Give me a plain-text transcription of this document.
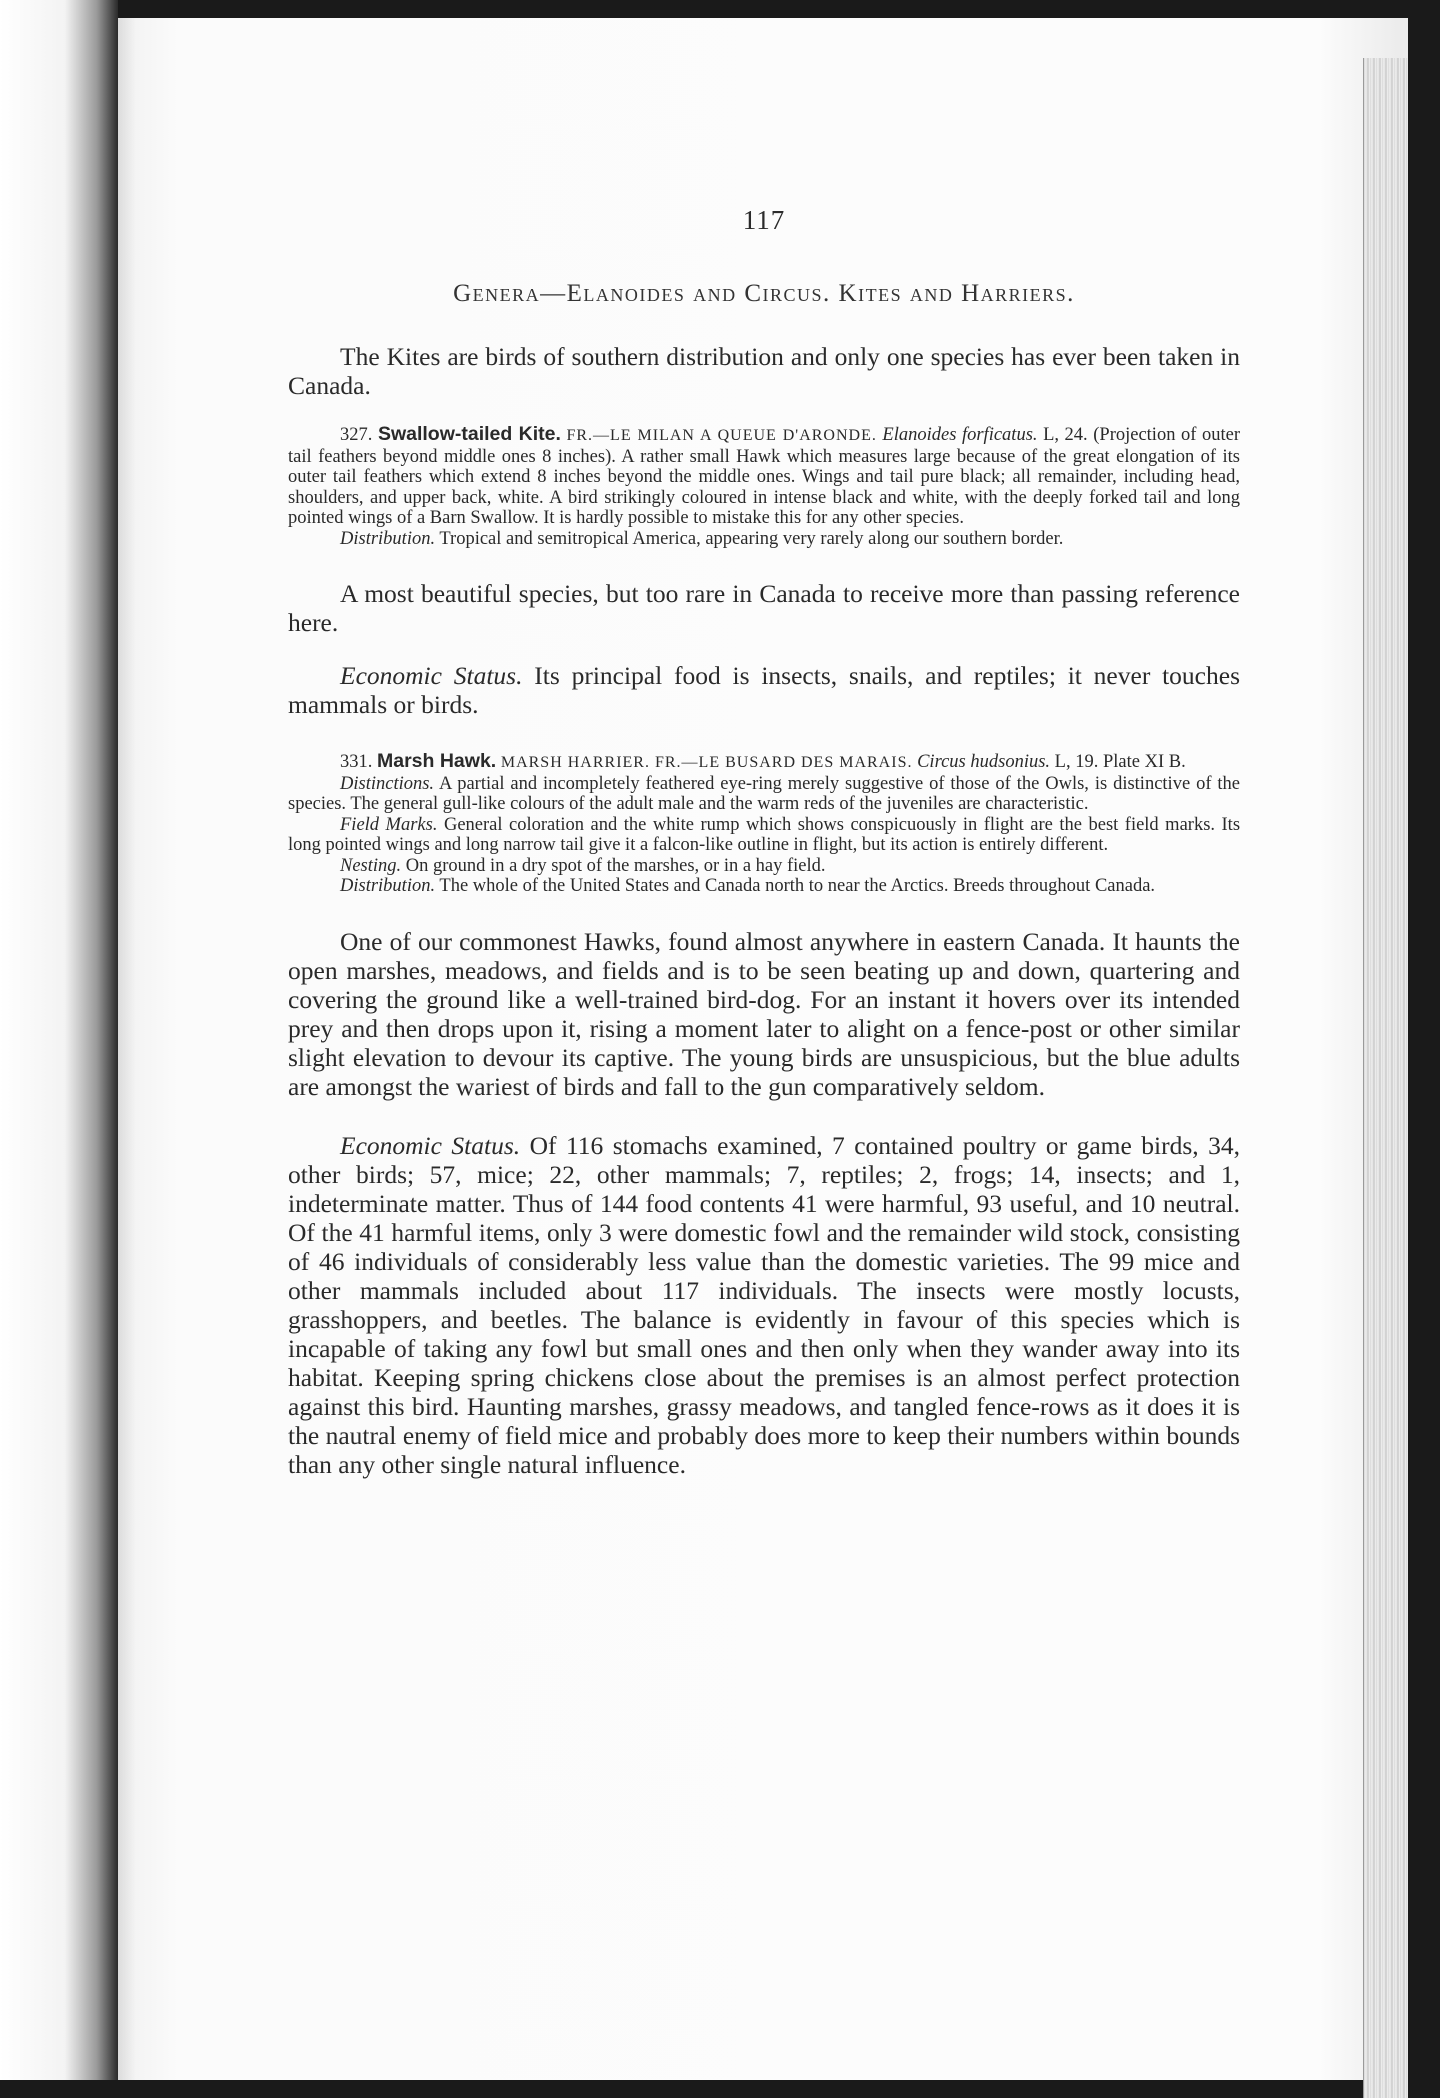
117
Genera—Elanoides and Circus. Kites and Harriers.

The Kites are birds of southern distribution and only one species has ever been taken in Canada.

327. Swallow-tailed Kite. FR.—LE MILAN A QUEUE D'ARONDE. Elanoides forficatus. L, 24. (Projection of outer tail feathers beyond middle ones 8 inches). A rather small Hawk which measures large because of the great elongation of its outer tail feathers which extend 8 inches beyond the middle ones. Wings and tail pure black; all remainder, including head, shoulders, and upper back, white. A bird strikingly coloured in intense black and white, with the deeply forked tail and long pointed wings of a Barn Swallow. It is hardly possible to mistake this for any other species.

Distribution. Tropical and semitropical America, appearing very rarely along our southern border.

A most beautiful species, but too rare in Canada to receive more than passing reference here.

Economic Status. Its principal food is insects, snails, and reptiles; it never touches mammals or birds.

331. Marsh Hawk. MARSH HARRIER. FR.—LE BUSARD DES MARAIS. Circus hudsonius. L, 19. Plate XI B.

Distinctions. A partial and incompletely feathered eye-ring merely suggestive of those of the Owls, is distinctive of the species. The general gull-like colours of the adult male and the warm reds of the juveniles are characteristic.

Field Marks. General coloration and the white rump which shows conspicuously in flight are the best field marks. Its long pointed wings and long narrow tail give it a falcon-like outline in flight, but its action is entirely different.

Nesting. On ground in a dry spot of the marshes, or in a hay field.

Distribution. The whole of the United States and Canada north to near the Arctics. Breeds throughout Canada.

One of our commonest Hawks, found almost anywhere in eastern Canada. It haunts the open marshes, meadows, and fields and is to be seen beating up and down, quartering and covering the ground like a well-trained bird-dog. For an instant it hovers over its intended prey and then drops upon it, rising a moment later to alight on a fence-post or other similar slight elevation to devour its captive. The young birds are unsuspicious, but the blue adults are amongst the wariest of birds and fall to the gun comparatively seldom.

Economic Status. Of 116 stomachs examined, 7 contained poultry or game birds, 34, other birds; 57, mice; 22, other mammals; 7, reptiles; 2, frogs; 14, insects; and 1, indeterminate matter. Thus of 144 food contents 41 were harmful, 93 useful, and 10 neutral. Of the 41 harmful items, only 3 were domestic fowl and the remainder wild stock, consisting of 46 individuals of considerably less value than the domestic varieties. The 99 mice and other mammals included about 117 individuals. The insects were mostly locusts, grasshoppers, and beetles. The balance is evidently in favour of this species which is incapable of taking any fowl but small ones and then only when they wander away into its habitat. Keeping spring chickens close about the premises is an almost perfect protection against this bird. Haunting marshes, grassy meadows, and tangled fence-rows as it does it is the nautral enemy of field mice and probably does more to keep their numbers within bounds than any other single natural influence.
